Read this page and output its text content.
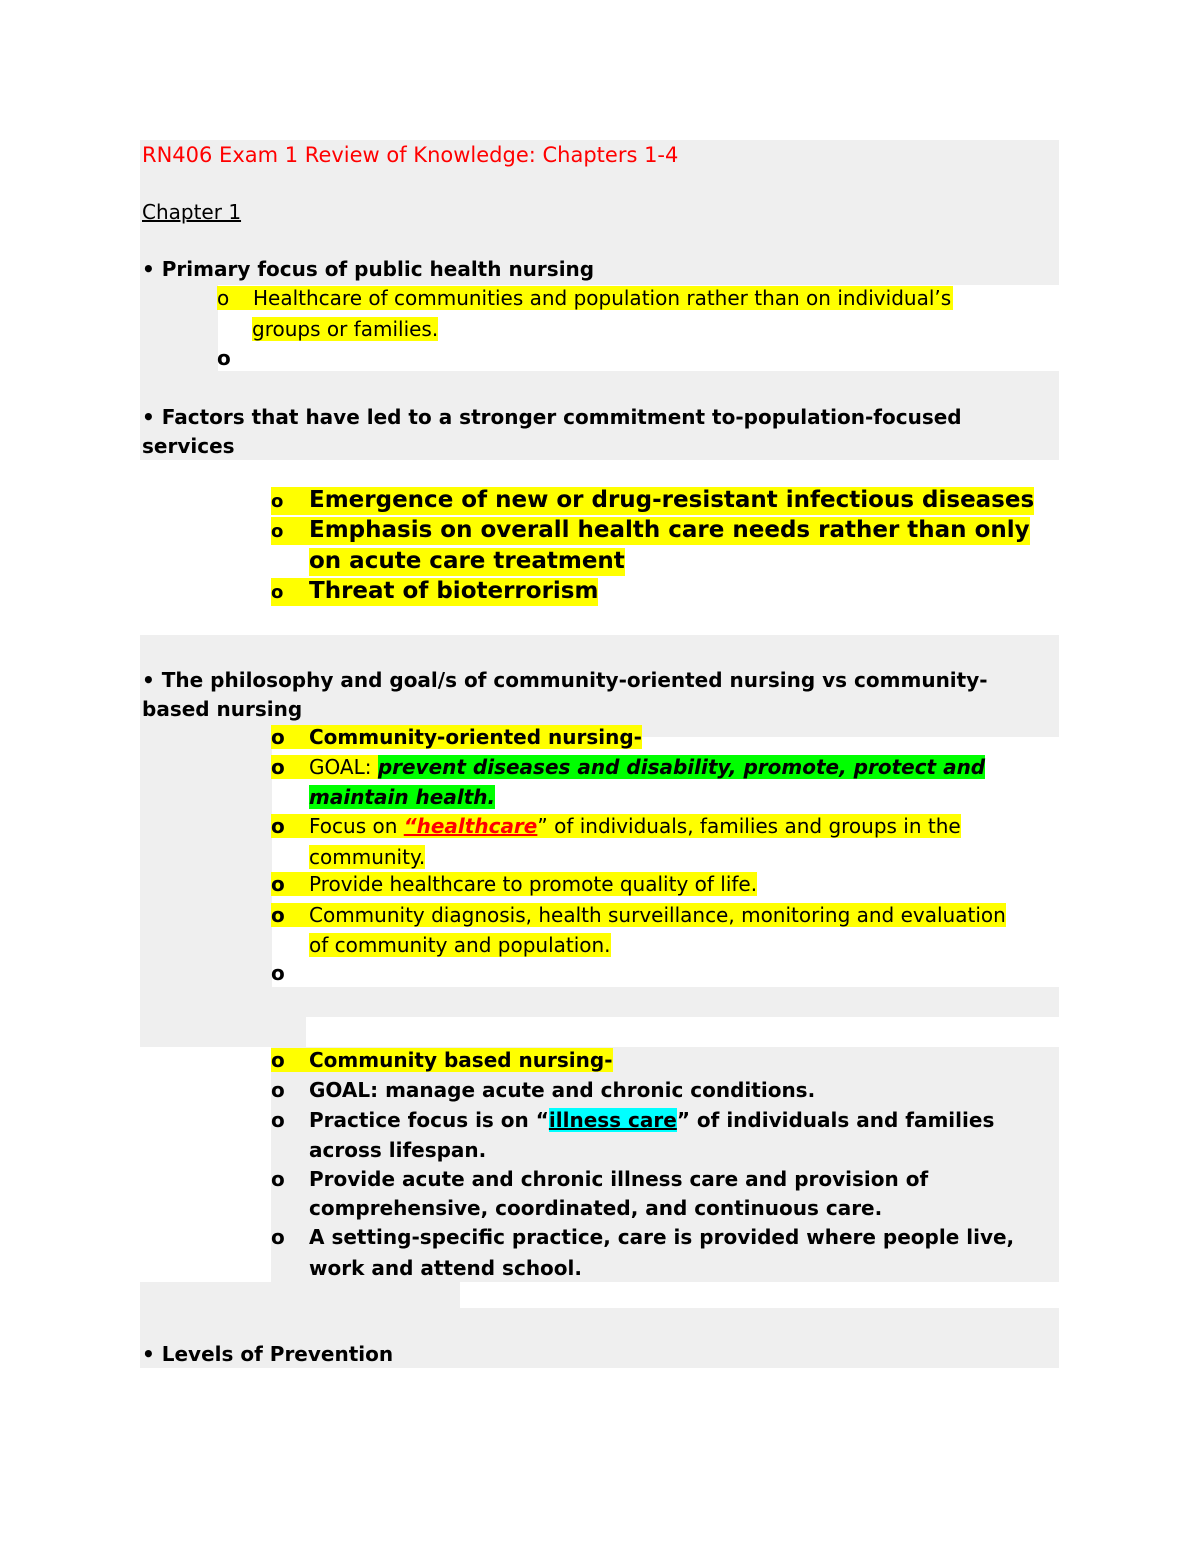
RN406 Exam 1 Review of Knowledge: Chapters 1-4
Chapter 1
• Primary focus of public health nursing
o Healthcare of communities and population rather than on individual’s
groups or families.
o
• Factors that have led to a stronger commitment to-population-focused
services
o Emergence of new or drug-resistant infectious diseases
o Emphasis on overall health care needs rather than only
on acute care treatment
o Threat of bioterrorism
• The philosophy and goal/s of community-oriented nursing vs community-
based nursing
o Community-oriented nursing-
o GOAL: prevent diseases and disability, promote, protect and
maintain health.
o Focus on “healthcare” of individuals, families and groups in the
community.
o Provide healthcare to promote quality of life.
o Community diagnosis, health surveillance, monitoring and evaluation
of community and population.
o
o Community based nursing-
o GOAL: manage acute and chronic conditions.
o Practice focus is on “illness care” of individuals and families
across lifespan.
o Provide acute and chronic illness care and provision of
comprehensive, coordinated, and continuous care.
o A setting-specific practice, care is provided where people live,
work and attend school.
• Levels of Prevention
